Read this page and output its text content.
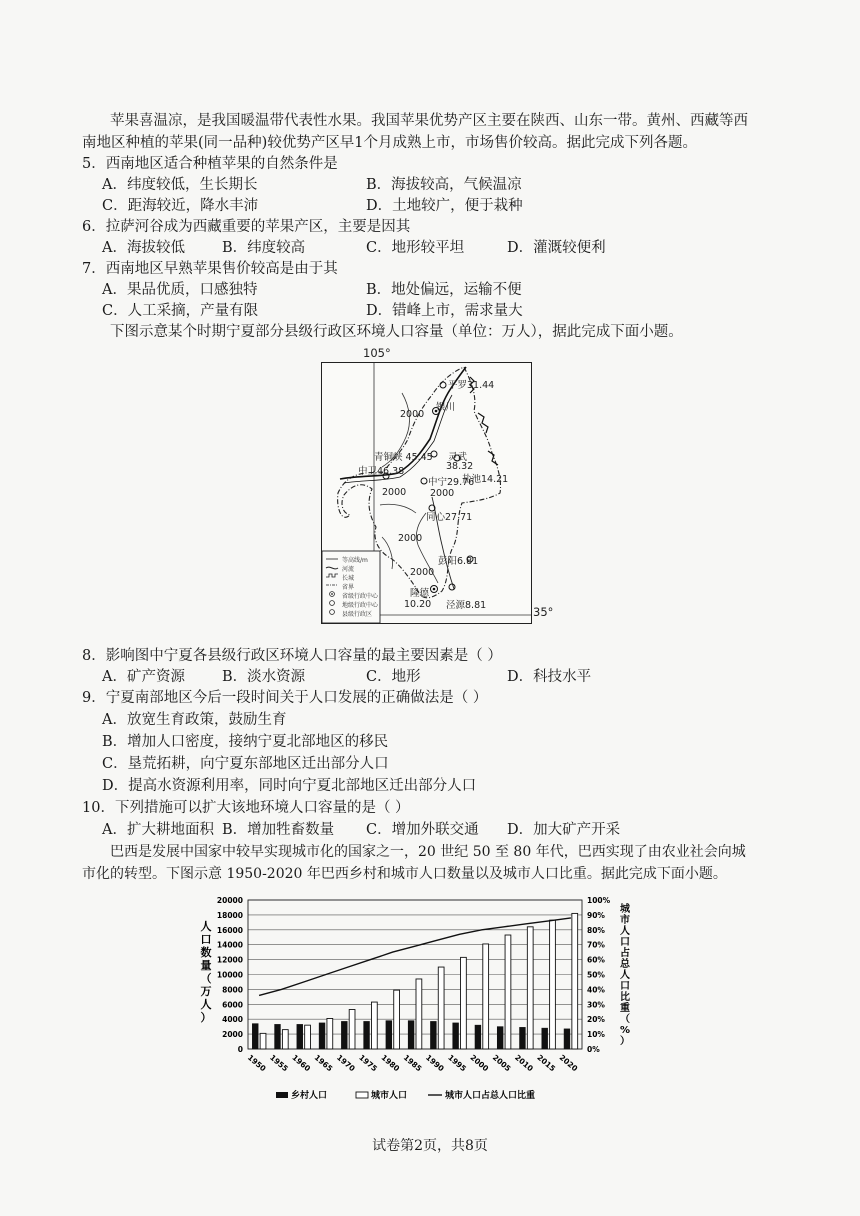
苹果喜温凉，是我国暖温带代表性水果。我国苹果优势产区主要在陕西、山东一带。黄州、西藏等西
南地区种植的苹果(同一品种)较优势产区早1个月成熟上市，市场售价较高。据此完成下列各题。
5．西南地区适合种植苹果的自然条件是
A．纬度较低，生长期长	B．海拔较高，气候温凉
C．距海较近，降水丰沛	D．土地较广，便于栽种
6．拉萨河谷成为西藏重要的苹果产区，主要是因其
A．海拔较低	B．纬度较高	C．地形较平坦	D．灌溉较便利
7．西南地区早熟苹果售价较高是由于其
A．果品优质，口感独特	B．地处偏远，运输不便
C．人工采摘，产量有限	D．错峰上市，需求量大
下图示意某个时期宁夏部分县级行政区环境人口容量（单位：万人），据此完成下面小题。
105°
35°
平罗31.44
2000
银川
青铜峡 45.45 灵武
38.32
中卫46.38
盐池14.21
中宁29.76
2000	2000
同心27.71
2000
彭阳6.81
2000
隆德
10.20 泾源8.81
等高线/m
河流
长城
省界
省级行政中心
地级行政中心
县级行政区
8．影响图中宁夏各县级行政区环境人口容量的最主要因素是（ ）
A．矿产资源	B．淡水资源	C．地形	D．科技水平
9．宁夏南部地区今后一段时间关于人口发展的正确做法是（ ）
A．放宽生育政策，鼓励生育
B．增加人口密度，接纳宁夏北部地区的移民
C．垦荒拓耕，向宁夏东部地区迁出部分人口
D．提高水资源利用率，同时向宁夏北部地区迁出部分人口
10．下列措施可以扩大该地环境人口容量的是（ ）
A．扩大耕地面积 B．增加牲畜数量 C．增加外联交通 D．加大矿产开采
巴西是发展中国家中较早实现城市化的国家之一，20 世纪 50 至 80 年代，巴西实现了由农业社会向城
市化的转型。下图示意 1950-2020 年巴西乡村和城市人口数量以及城市人口比重。据此完成下面小题。
0
2000
4000
6000
8000
10000
12000
14000
16000
18000
20000
0%
10%
20%
30%
40%
50%
60%
70%
80%
90%
100%
人
口
数
量
（
万
人
）
城
市
人
口
占
总
人
口
比
重
（
%
）
1950 1955 1960 1965 1970 1975 1980 1985 1990 1995 2000 2005 2010 2015 2020
乡村人口	城市人口	城市人口占总人口比重
试卷第2页，共8页
